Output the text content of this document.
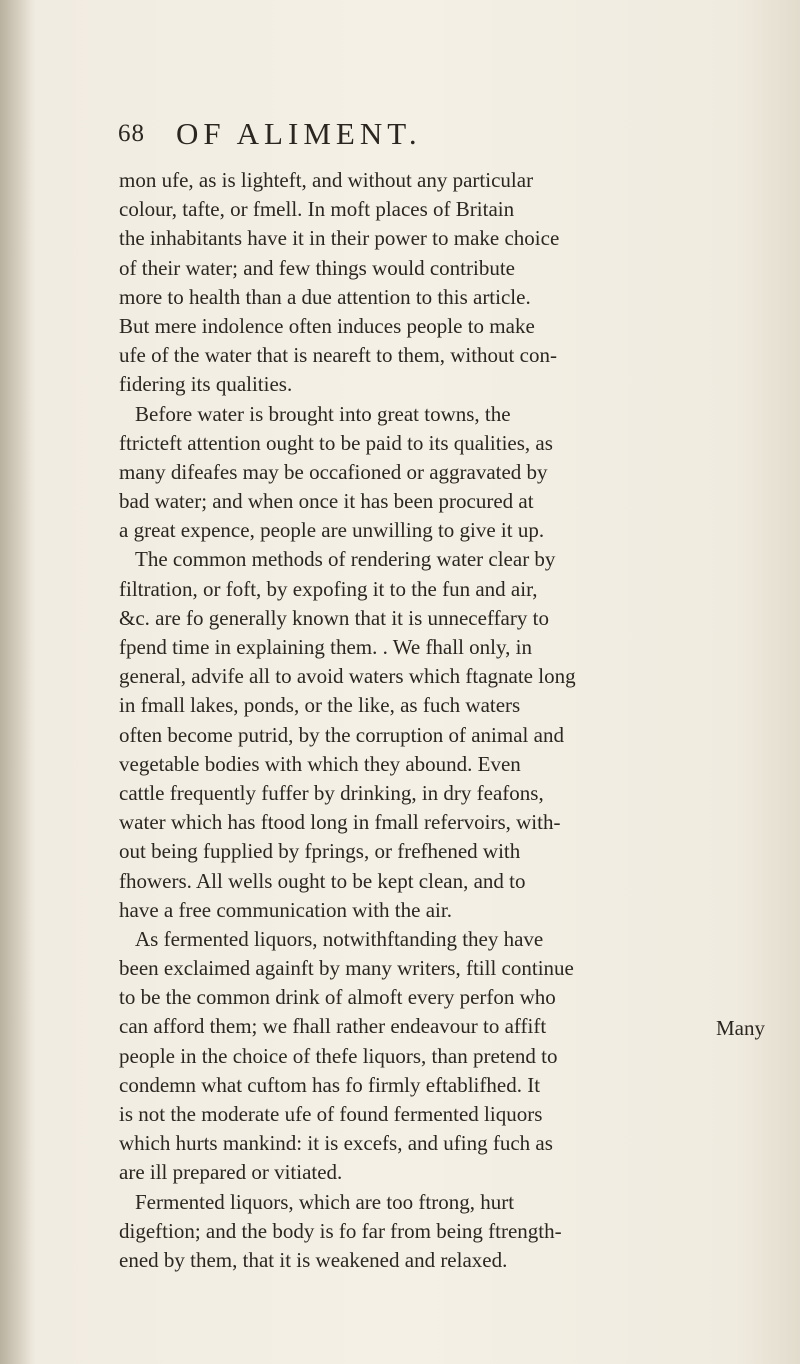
68 OF ALIMENT.
mon ufe, as is lighteft, and without any particular
colour, tafte, or fmell. In moft places of Britain
the inhabitants have it in their power to make choice
of their water; and few things would contribute
more to health than a due attention to this article.
But mere indolence often induces people to make
ufe of the water that is neareft to them, without con-
fidering its qualities.
Before water is brought into great towns, the
ftricteft attention ought to be paid to its qualities, as
many difeafes may be occafioned or aggravated by
bad water; and when once it has been procured at
a great expence, people are unwilling to give it up.
The common methods of rendering water clear by
filtration, or foft, by expofing it to the fun and air,
&c. are fo generally known that it is unneceffary to
fpend time in explaining them. . We fhall only, in
general, advife all to avoid waters which ftagnate long
in fmall lakes, ponds, or the like, as fuch waters
often become putrid, by the corruption of animal and
vegetable bodies with which they abound. Even
cattle frequently fuffer by drinking, in dry feafons,
water which has ftood long in fmall refervoirs, with-
out being fupplied by fprings, or frefhened with
fhowers. All wells ought to be kept clean, and to
have a free communication with the air.
As fermented liquors, notwithftanding they have
been exclaimed againft by many writers, ftill continue
to be the common drink of almoft every perfon who
can afford them; we fhall rather endeavour to affift
people in the choice of thefe liquors, than pretend to
condemn what cuftom has fo firmly eftablifhed. It
is not the moderate ufe of found fermented liquors
which hurts mankind: it is excefs, and ufing fuch as
are ill prepared or vitiated.
Fermented liquors, which are too ftrong, hurt
digeftion; and the body is fo far from being ftrength-
ened by them, that it is weakened and relaxed.
Many
